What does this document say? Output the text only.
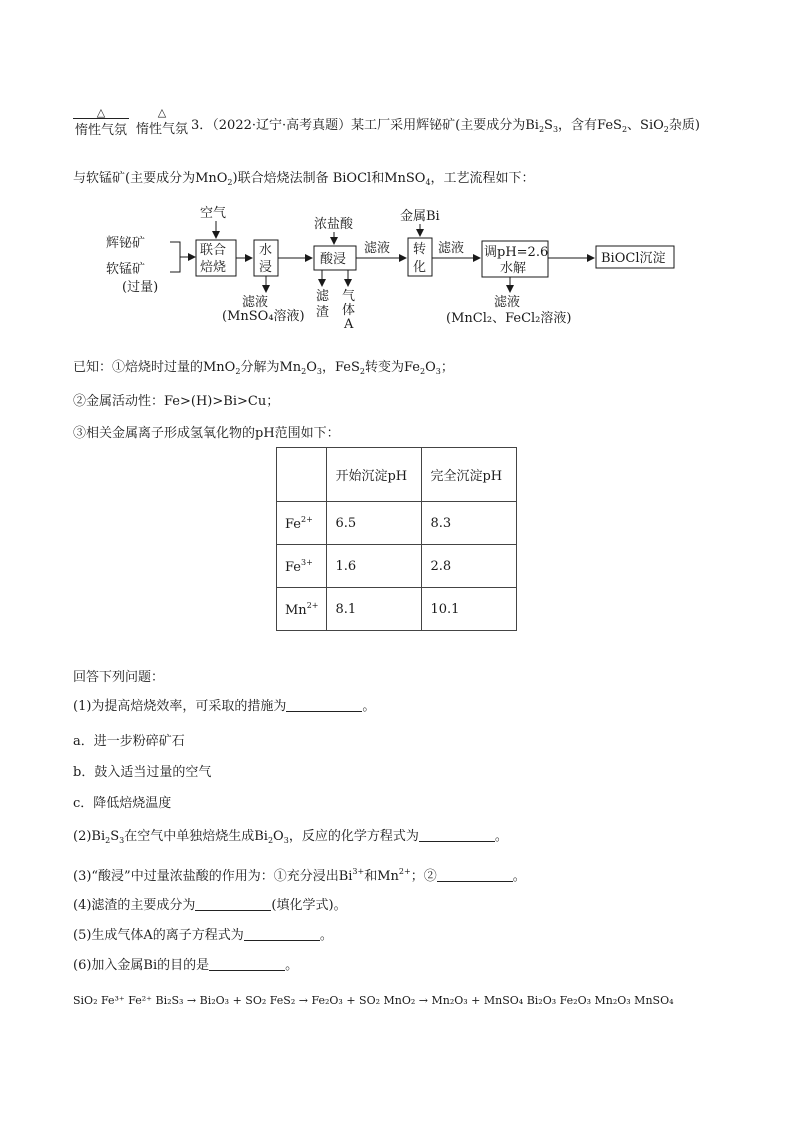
△
惰性气氛
△
惰性气氛 3．（2022·辽宁·高考真题）某工厂采用辉铋矿(主要成分为$Bi_2S_3$，含有FeS$_2$、SiO$_2$杂质)
与软锰矿(主要成分为MnO$_2$)联合焙烧法制备 BiOCl和MnSO$_4$，工艺流程如下：
辉铋矿
软锰矿
(过量)
空气
联合
焙烧
水
浸
滤液
(MnSO₄溶液)
浓盐酸
酸浸
滤
渣
气
体
A
滤液
金属Bi
转
化
滤液 调pH=2.6
水解
滤液
(MnCl₂、FeCl₂溶液)
BiOCl沉淀
已知：①焙烧时过量的MnO$_2$分解为$Mn_2O_3$，FeS$_2$转变为$Fe_2O_3$；
②金属活动性：Fe>(H)>Bi>Cu；
③相关金属离子形成氢氧化物的pH范围如下：
	开始沉淀pH	完全沉淀pH
$Fe^{2+}$	6.5	8.3
$Fe^{3+}$	1.6	2.8
$Mn^{2+}$	8.1	10.1
回答下列问题：
(1)为提高焙烧效率，可采取的措施为	。
a．进一步粉碎矿石
b．鼓入适当过量的空气
c．降低焙烧温度
$(2)Bi_2S_3$在空气中单独焙烧生成$Bi_2O_3$，反应的化学方程式为	。
(3)“酸浸”中过量浓盐酸的作用为：①充分浸出$Bi^{3+}$和$Mn^{2+}$；②	。
(4)滤渣的主要成分为	(填化学式)。
(5)生成气体A的离子方程式为	。
(6)加入金属Bi的目的是	。
SiO₂ Fe³⁺ Fe²⁺ Bi₂S₃ → Bi₂O₃ + SO₂ FeS₂ → Fe₂O₃ + SO₂ MnO₂ → Mn₂O₃ + MnSO₄ Bi₂O₃ Fe₂O₃ Mn₂O₃ MnSO₄
